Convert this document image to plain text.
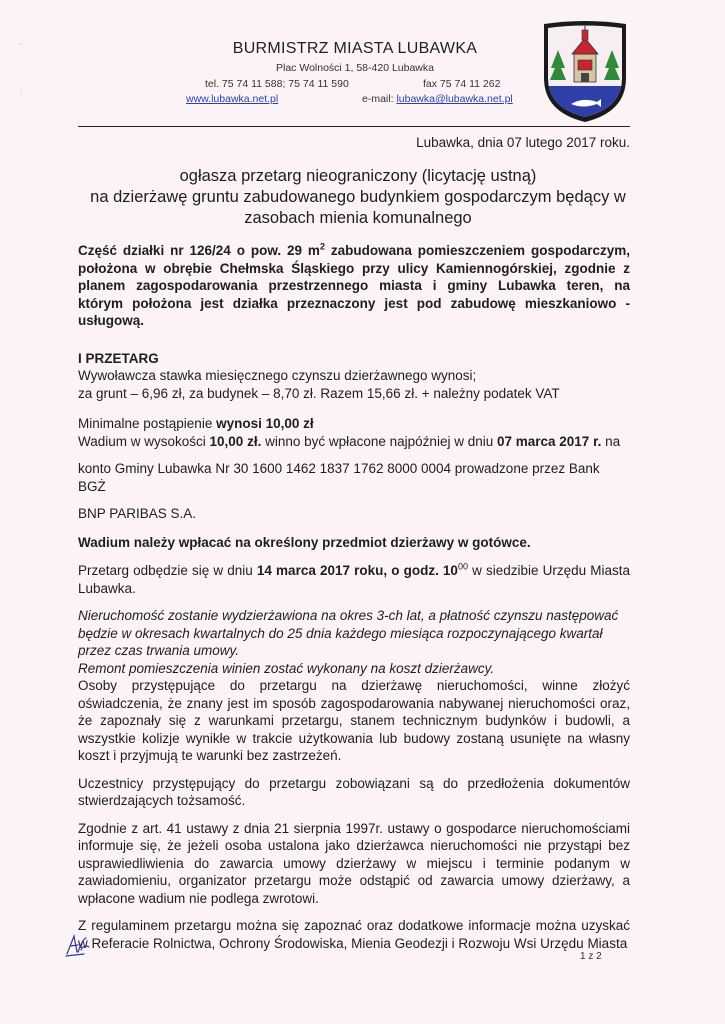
'
:
BURMISTRZ MIASTA LUBAWKA
Plac Wolności 1, 58-420 Lubawka
tel. 75 74 11 588; 75 74 11 590	fax 75 74 11 262
www.lubawka.net.pl	e-mail: lubawka@lubawka.net.pl
Lubawka, dnia 07 lutego 2017 roku.
ogłasza przetarg nieograniczony (licytację ustną)
na dzierżawę gruntu zabudowanego budynkiem gospodarczym będący w
zasobach mienia komunalnego

Część działki nr 126/24 o pow. 29 $m^2$ zabudowana pomieszczeniem gospodarczym, położona w obrębie Chełmska Śląskiego przy ulicy Kamiennogórskiej, zgodnie z planem zagospodarowania przestrzennego miasta i gminy Lubawka teren, na którym położona jest działka przeznaczony jest pod zabudowę mieszkaniowo -usługową.

I PRZETARG

Wywoławcza stawka miesięcznego czynszu dzierżawnego wynosi;

za grunt – 6,96 zł, za budynek – 8,70 zł. Razem 15,66 zł. + należny podatek VAT

Minimalne postąpienie wynosi 10,00 zł

Wadium w wysokości 10,00 zł. winno być wpłacone najpóźniej w dniu 07 marca 2017 r. na

konto Gminy Lubawka Nr 30 1600 1462 1837 1762 8000 0004 prowadzone przez Bank BGŻ

BNP PARIBAS S.A.

Wadium należy wpłacać na określony przedmiot dzierżawy w gotówce.

Przetarg odbędzie się w dniu 14 marca 2017 roku, o godz. $10^{00}$ w siedzibie Urzędu Miasta Lubawka.

Nieruchomość zostanie wydzierżawiona na okres 3-ch lat, a płatność czynszu następować będzie w okresach kwartalnych do 25 dnia każdego miesiąca rozpoczynającego kwartał przez czas trwania umowy.

Remont pomieszczenia winien zostać wykonany na koszt dzierżawcy.

Osoby przystępujące do przetargu na dzierżawę nieruchomości, winne złożyć oświadczenia, że znany jest im sposób zagospodarowania nabywanej nieruchomości oraz, że zapoznały się z warunkami przetargu, stanem technicznym budynków i budowli, a wszystkie kolizje wynikłe w trakcie użytkowania lub budowy zostaną usunięte na własny koszt i przyjmują te warunki bez zastrzeżeń.

Uczestnicy przystępujący do przetargu zobowiązani są do przedłożenia dokumentów stwierdzających tożsamość.

Zgodnie z art. 41 ustawy z dnia 21 sierpnia 1997r. ustawy o gospodarce nieruchomościami informuje się, że jeżeli osoba ustalona jako dzierżawca nieruchomości nie przystąpi bez usprawiedliwienia do zawarcia umowy dzierżawy w miejscu i terminie podanym w zawiadomieniu, organizator przetargu może odstąpić od zawarcia umowy dzierżawy, a wpłacone wadium nie podlega zwrotowi.

Z regulaminem przetargu można się zapoznać oraz dodatkowe informacje można uzyskać w Referacie Rolnictwa, Ochrony Środowiska, Mienia Geodezji i Rozwoju Wsi Urzędu Miasta

1 z 2
